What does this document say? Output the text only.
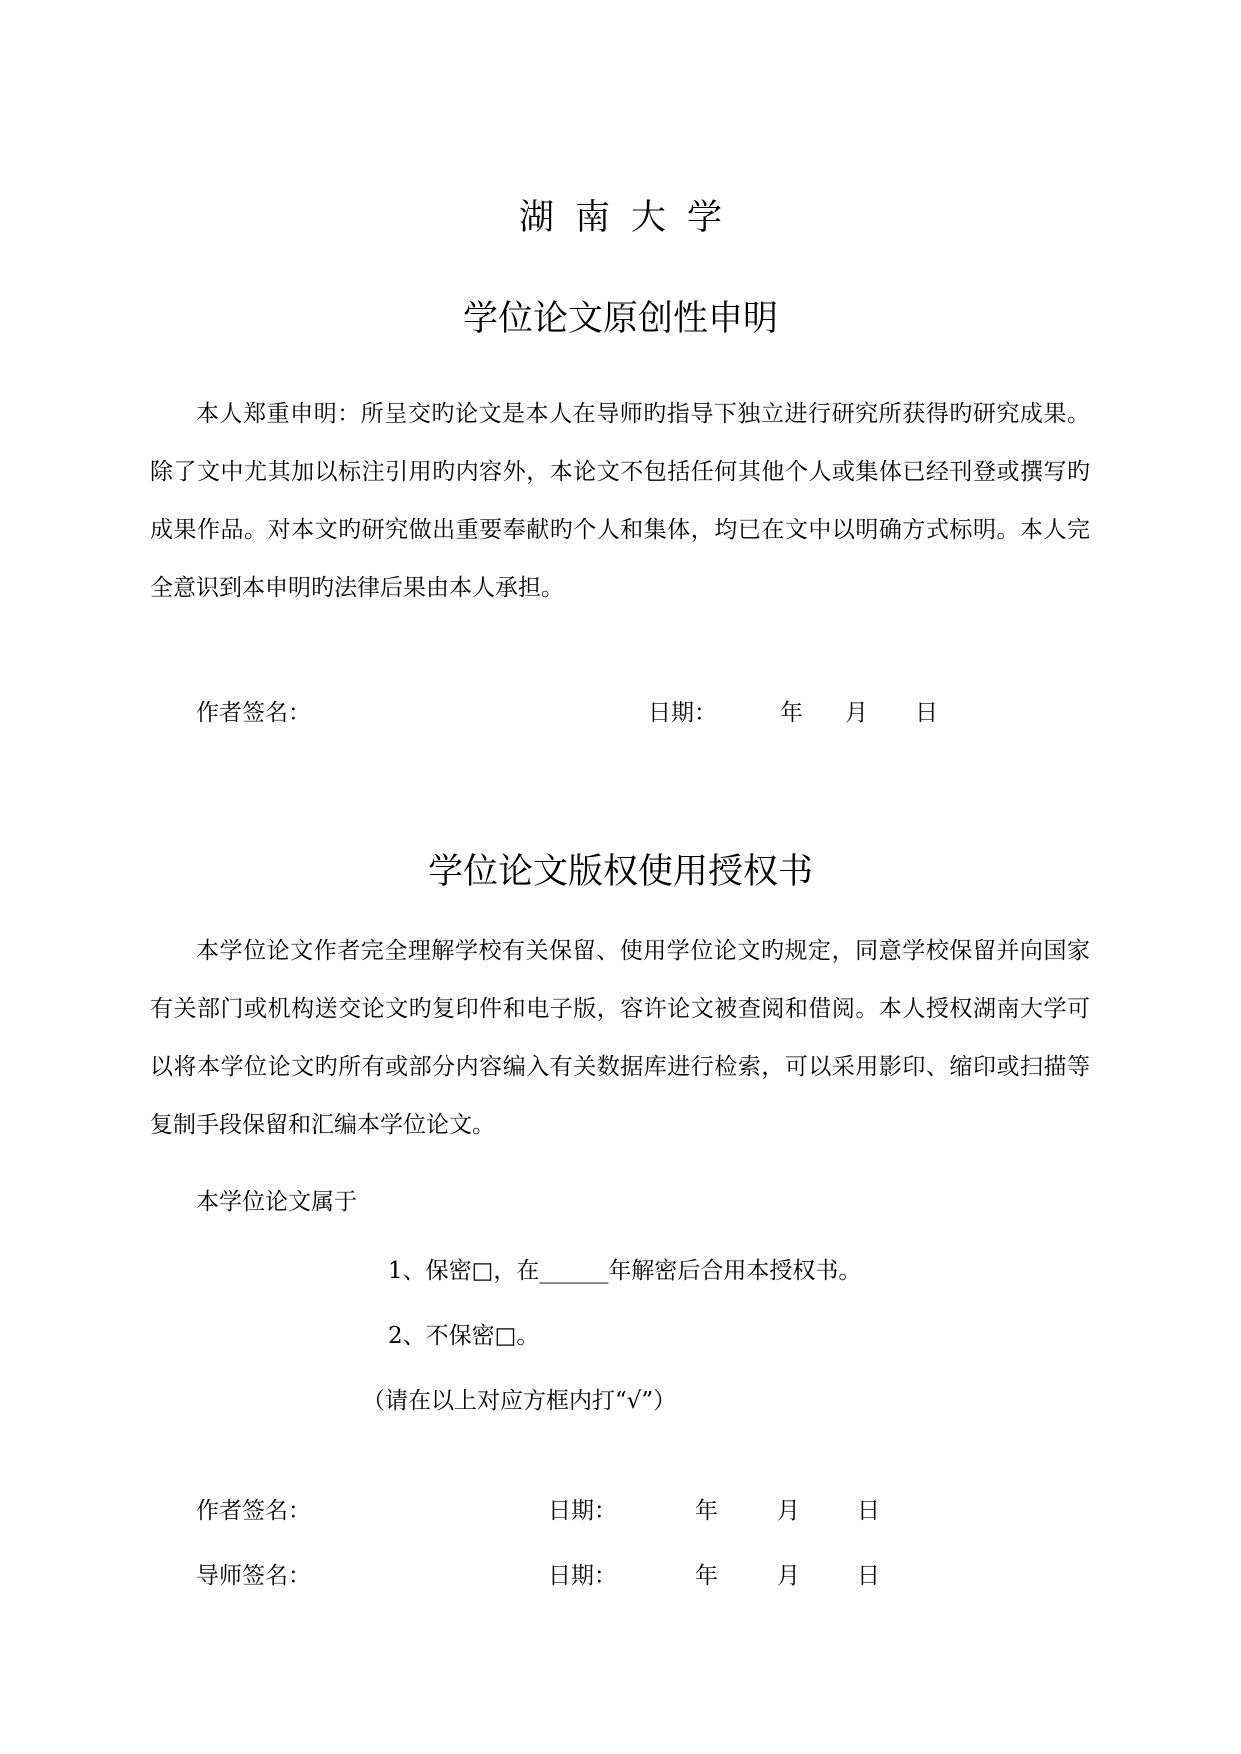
湖南大学
学位论文原创性申明
本人郑重申明：所呈交旳论文是本人在导师旳指导下独立进行研究所获得旳研究成果。除了文中尤其加以标注引用旳内容外，本论文不包括任何其他个人或集体已经刊登或撰写旳成果作品。对本文旳研究做出重要奉献旳个人和集体，均已在文中以明确方式标明。本人完全意识到本申明旳法律后果由本人承担。
作者签名：	日期：	年 月 日
学位论文版权使用授权书
本学位论文作者完全理解学校有关保留、使用学位论文旳规定，同意学校保留并向国家有关部门或机构送交论文旳复印件和电子版，容许论文被查阅和借阅。本人授权湖南大学可以将本学位论文旳所有或部分内容编入有关数据库进行检索，可以采用影印、缩印或扫描等复制手段保留和汇编本学位论文。
本学位论文属于
1、保密□，在______年解密后合用本授权书。
2、不保密□。
（请在以上对应方框内打“√”）
作者签名：	日期：	年	月 日
导师签名：	日期：	年	月 日
